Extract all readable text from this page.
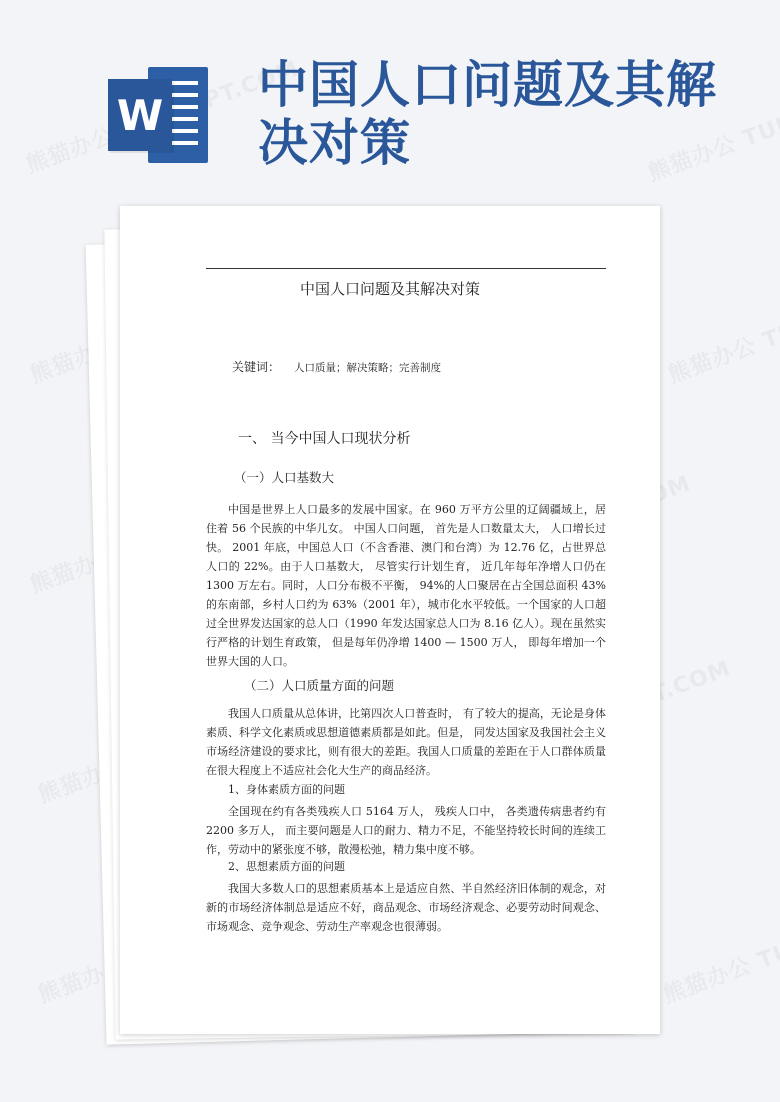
W
中国人口问题及其解决对策
中国人口问题及其解决对策
关键词： 人口质量；解决策略；完善制度
一、 当今中国人口现状分析
（一）人口基数大

中国是世界上人口最多的发展中国家。在 960 万平方公里的辽阔疆域上，居住着 56 个民族的中华儿女。 中国人口问题， 首先是人口数量太大， 人口增长过快。 2001 年底，中国总人口（不含香港、澳门和台湾）为 12.76 亿，占世界总人口的 22%。由于人口基数大， 尽管实行计划生育， 近几年每年净增人口仍在 1300 万左右。同时，人口分布极不平衡， 94%的人口聚居在占全国总面积 43%的东南部，乡村人口约为 63%（2001 年），城市化水平较低。一个国家的人口超过全世界发达国家的总人口（1990 年发达国家总人口为 8.16 亿人）。现在虽然实行严格的计划生育政策， 但是每年仍净增 1400 — 1500 万人， 即每年增加一个世界大国的人口。

（二）人口质量方面的问题

我国人口质量从总体讲，比第四次人口普查时， 有了较大的提高，无论是身体素质、科学文化素质或思想道德素质都是如此。但是， 同发达国家及我国社会主义市场经济建设的要求比，则有很大的差距。我国人口质量的差距在于人口群体质量在很大程度上不适应社会化大生产的商品经济。

1、身体素质方面的问题

全国现在约有各类残疾人口 5164 万人， 残疾人口中， 各类遗传病患者约有 2200 多万人， 而主要问题是人口的耐力、精力不足，不能坚持较长时间的连续工作，劳动中的紧张度不够，散漫松弛，精力集中度不够。

2、思想素质方面的问题

我国大多数人口的思想素质基本上是适应自然、半自然经济旧体制的观念，对新的市场经济体制总是适应不好，商品观念、市场经济观念、必要劳动时间观念、市场观念、竞争观念、劳动生产率观念也很薄弱。
